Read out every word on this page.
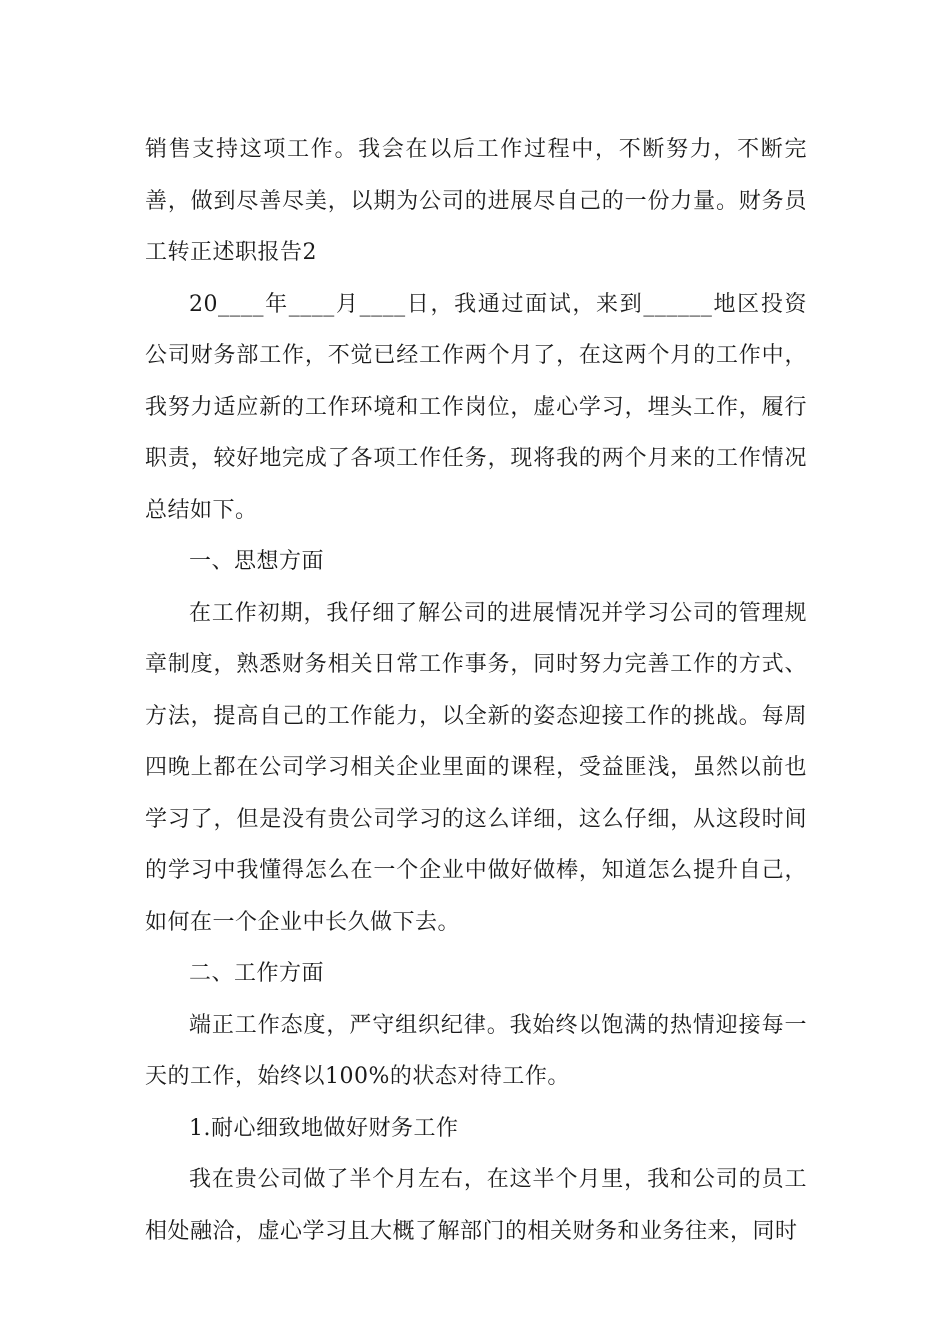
销售支持这项工作。我会在以后工作过程中，不断努力，不断完善，做到尽善尽美，以期为公司的进展尽自己的一份力量。财务员工转正述职报告2

20____年____月____日，我通过面试，来到______地区投资公司财务部工作，不觉已经工作两个月了，在这两个月的工作中，我努力适应新的工作环境和工作岗位，虚心学习，埋头工作，履行职责，较好地完成了各项工作任务，现将我的两个月来的工作情况总结如下。

一、思想方面

在工作初期，我仔细了解公司的进展情况并学习公司的管理规章制度，熟悉财务相关日常工作事务，同时努力完善工作的方式、方法，提高自己的工作能力，以全新的姿态迎接工作的挑战。每周四晚上都在公司学习相关企业里面的课程，受益匪浅，虽然以前也学习了，但是没有贵公司学习的这么详细，这么仔细，从这段时间的学习中我懂得怎么在一个企业中做好做棒，知道怎么提升自己，如何在一个企业中长久做下去。

二、工作方面

端正工作态度，严守组织纪律。我始终以饱满的热情迎接每一天的工作，始终以100%的状态对待工作。

1.耐心细致地做好财务工作

我在贵公司做了半个月左右，在这半个月里，我和公司的员工相处融洽，虚心学习且大概了解部门的相关财务和业务往来，同时
